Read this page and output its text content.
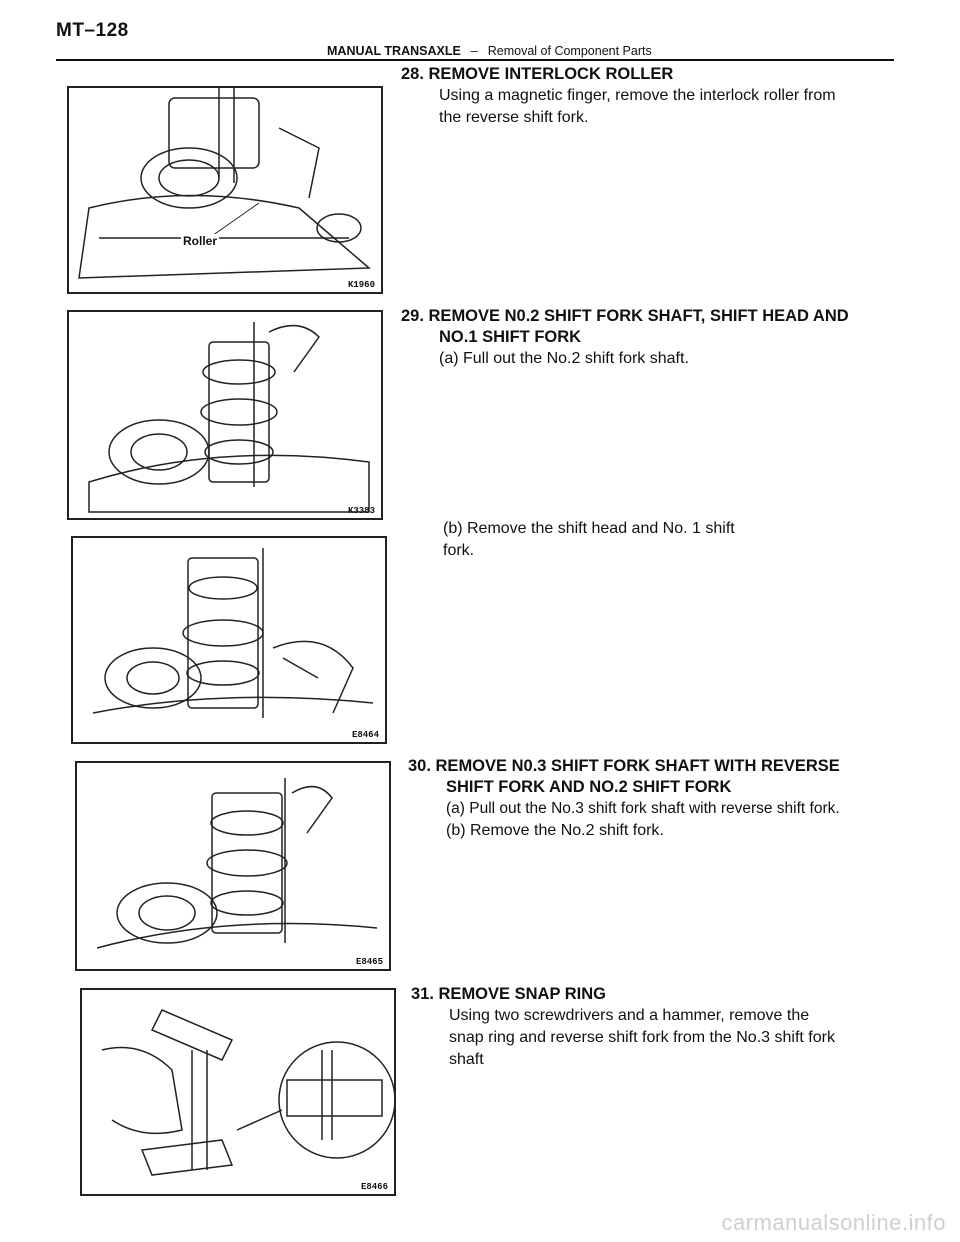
MT–128
MANUAL TRANSAXLE – Removal of Component Parts
Roller
K1960

28. REMOVE INTERLOCK ROLLER

Using a magnetic finger, remove the interlock roller from

the reverse shift fork.

K3383

29. REMOVE N0.2 SHIFT FORK SHAFT, SHIFT HEAD AND

NO.1 SHIFT FORK

(a) Full out the No.2 shift fork shaft.

(b) Remove the shift head and No. 1 shift

fork.

E8464
E8465

30. REMOVE N0.3 SHIFT FORK SHAFT WITH REVERSE

SHIFT FORK AND NO.2 SHIFT FORK

(a) Pull out the No.3 shift fork shaft with reverse shift fork.

(b) Remove the No.2 shift fork.

E8466

31. REMOVE SNAP RING

Using two screwdrivers and a hammer, remove the

snap ring and reverse shift fork from the No.3 shift fork

shaft

carmanualsonline.info
